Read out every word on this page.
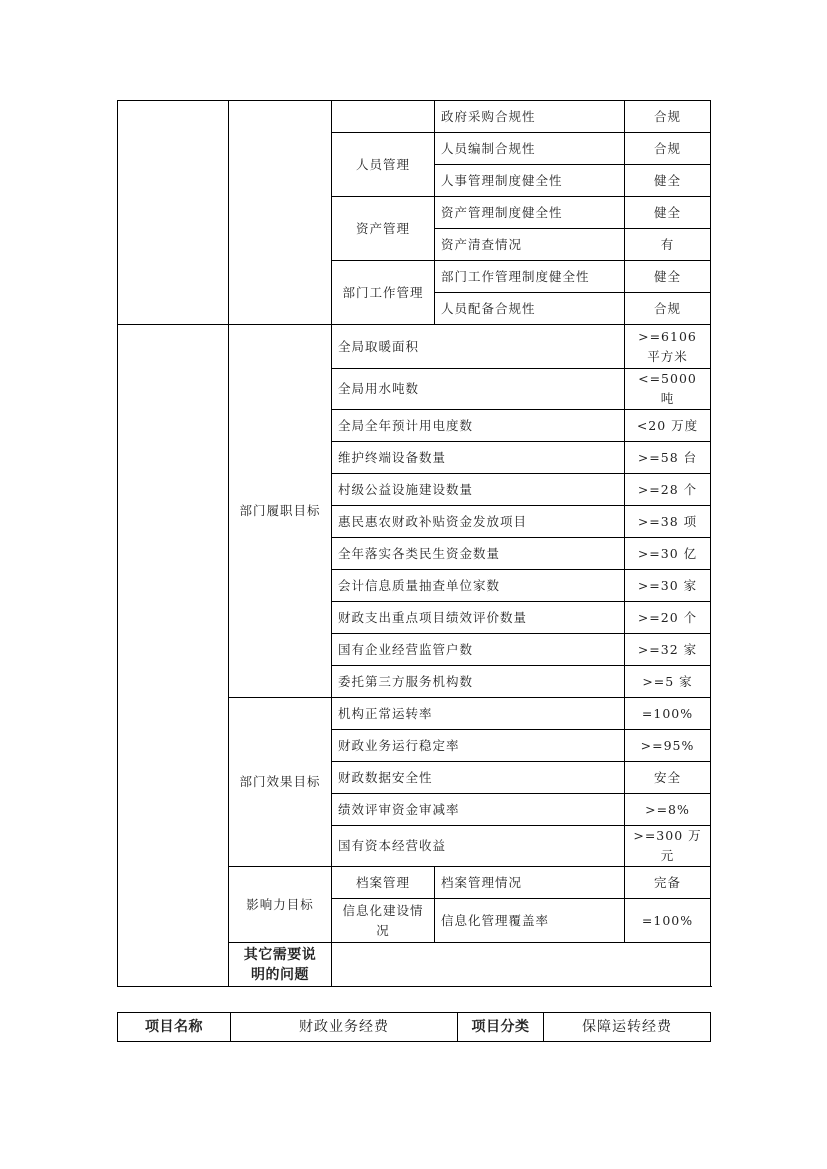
			政府采购合规性	合规
		人员管理	人员编制合规性	合规
			人事管理制度健全性	健全
		资产管理	资产管理制度健全性	健全
			资产清查情况	有
		部门工作管理	部门工作管理制度健全性	健全
			人员配备合规性	合规
	部门履职目标	全局取暖面积		>=6106 平方米
		全局用水吨数		<=5000 吨
		全局全年预计用电度数		<20 万度
		维护终端设备数量		>=58 台
		村级公益设施建设数量		>=28 个
		惠民惠农财政补贴资金发放项目		>=38 项
		全年落实各类民生资金数量		>=30 亿
		会计信息质量抽查单位家数		>=30 家
		财政支出重点项目绩效评价数量		>=20 个
		国有企业经营监管户数		>=32 家
		委托第三方服务机构数		>=5 家
	部门效果目标	机构正常运转率		=100%
		财政业务运行稳定率		>=95%
		财政数据安全性		安全
		绩效评审资金审减率		>=8%
		国有资本经营收益		>=300 万元
	影响力目标	档案管理	档案管理情况	完备
		信息化建设情况	信息化管理覆盖率	=100%
	其它需要说明的问题			
项目名称	财政业务经费	项目分类	保障运转经费
